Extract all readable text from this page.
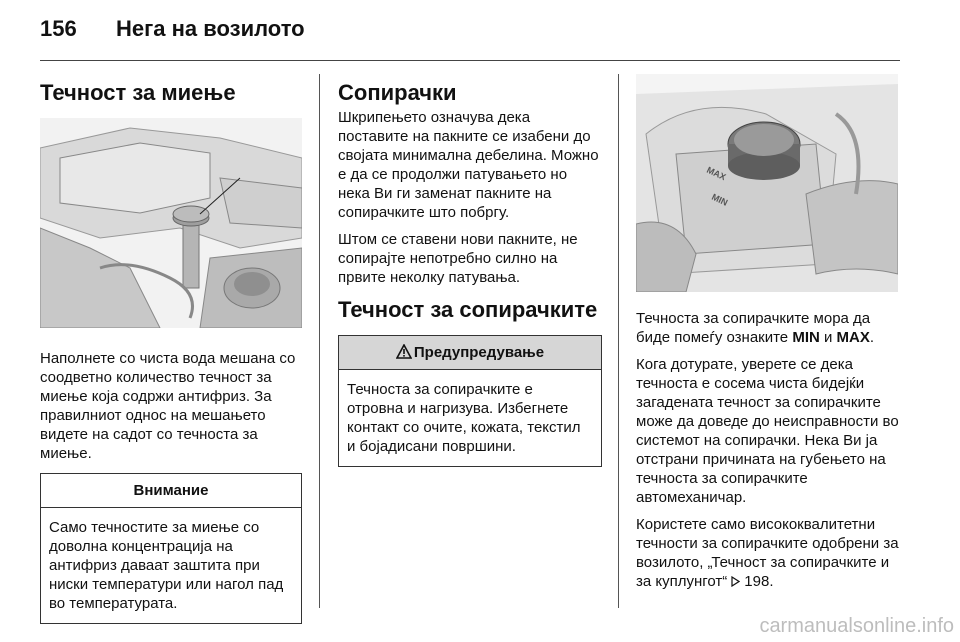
156	Нега на возилото
Течност за миење

Наполнете со чиста вода мешана со соодветно количество течност за миење која содржи антифриз. За правилниот однос на мешањето видете на садот со течноста за миење.

Внимание
Само течностите за миење со доволна концентрација на антифриз даваат заштита при ниски температури или нагол пад во температурата.
Сопирачки

Шкрипењето означува дека поставите на пакните се изабени до својата минимална дебелина. Можно е да се продолжи патувањето но нека Ви ги заменат пакните на сопирачките што побргу.

Штом се ставени нови пакните, не сопирајте непотребно силно на првите неколку патувања.

Течност за сопирачките
Предупредување
Течноста за сопирачките е отровна и нагризува. Избегнете контакт со очите, кожата, текстил и бојадисани површини.
MAX
MIN

Течноста за сопирачките мора да биде помеѓу ознаките MIN и MAX.

Кога дотурате, уверете се дека течноста е сосема чиста бидејќи загадената течност за сопирачките може да доведе до неисправности во системот на сопирачки. Нека Ви ја отстрани причината на губењето на течноста за сопирачките автомеханичар.

Користете само висококвалитетни течности за сопирачките одобрени за возилото, „Течност за сопирачките и за куплунгот“ 198.

carmanualsonline.info
